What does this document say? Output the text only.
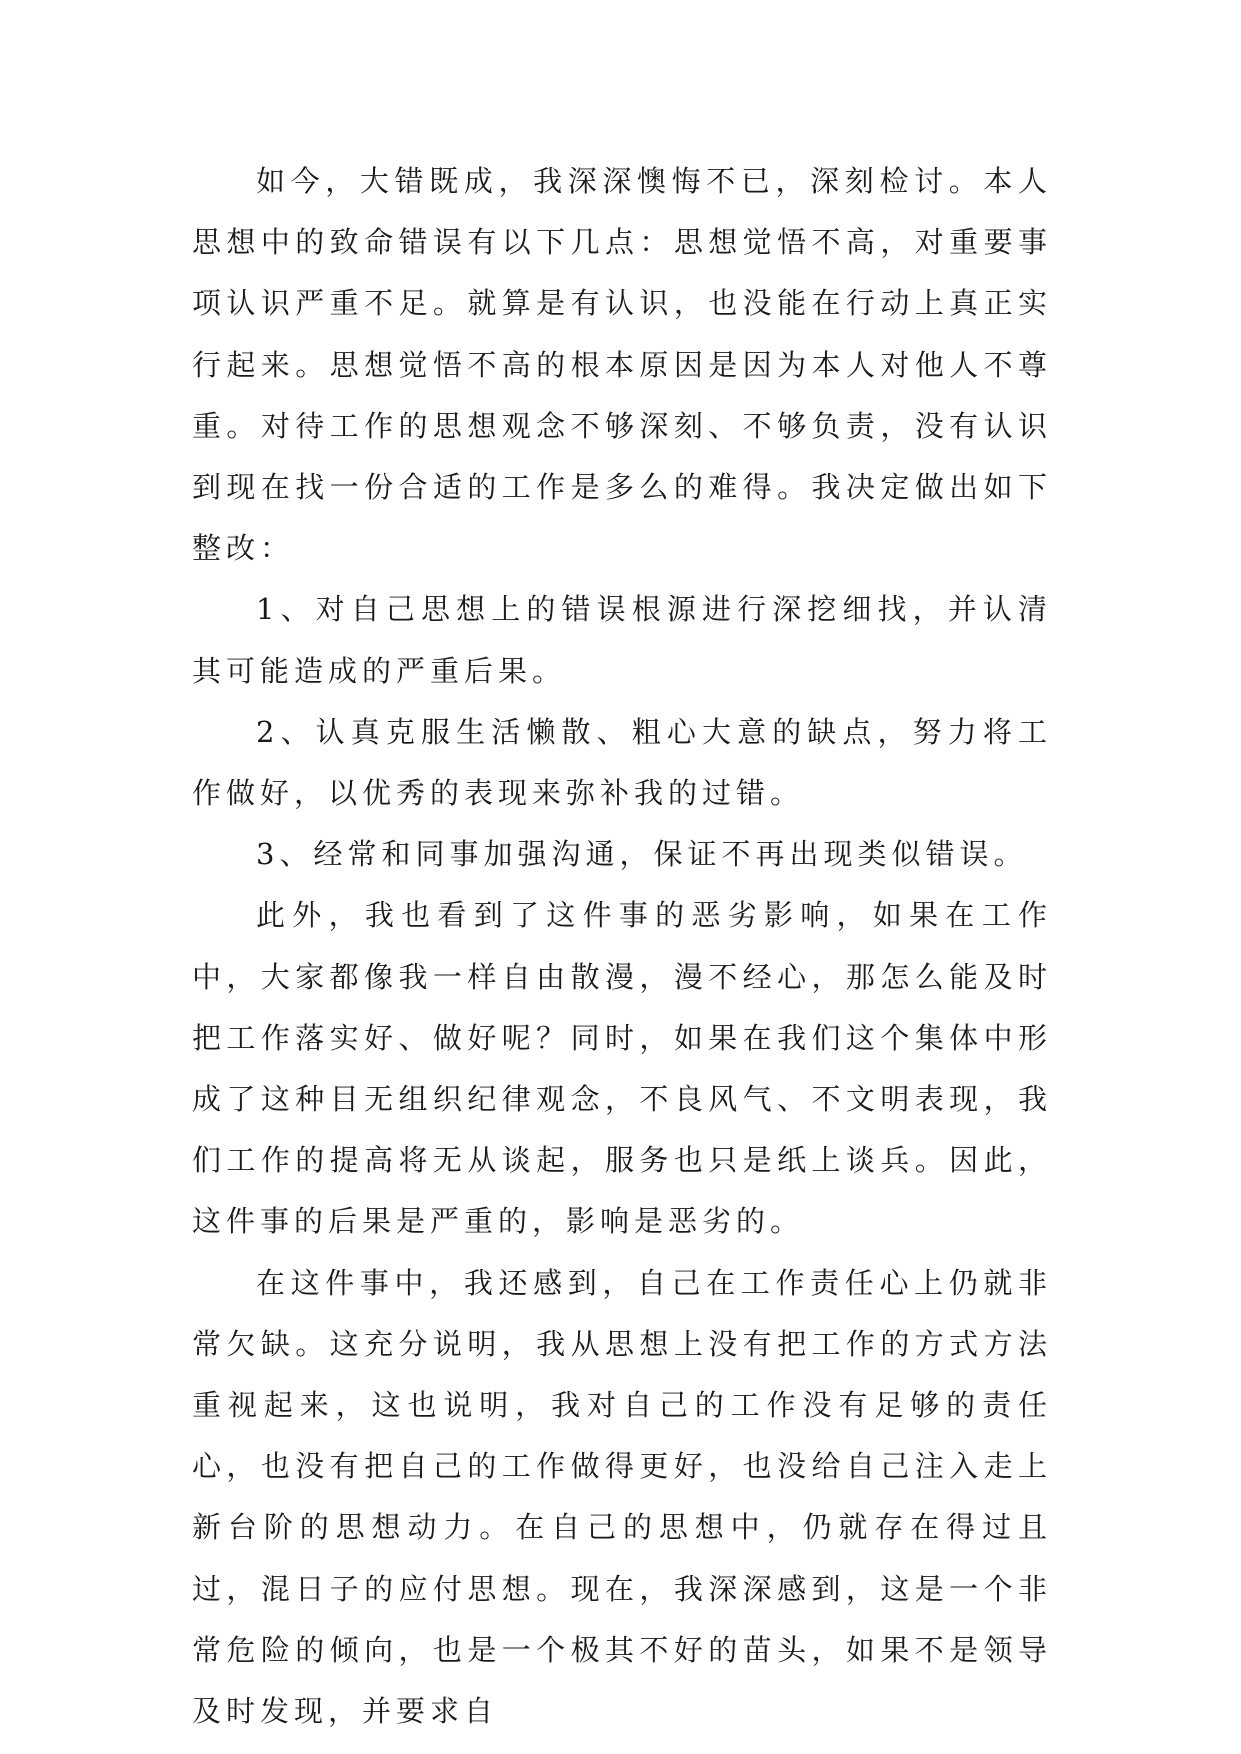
如今，大错既成，我深深懊悔不已，深刻检讨。本人思想中的致命错误有以下几点：思想觉悟不高，对重要事项认识严重不足。就算是有认识，也没能在行动上真正实行起来。思想觉悟不高的根本原因是因为本人对他人不尊重。对待工作的思想观念不够深刻、不够负责，没有认识到现在找一份合适的工作是多么的难得。我决定做出如下整改：

1、对自己思想上的错误根源进行深挖细找，并认清其可能造成的严重后果。

2、认真克服生活懒散、粗心大意的缺点，努力将工作做好，以优秀的表现来弥补我的过错。

3、经常和同事加强沟通，保证不再出现类似错误。

此外，我也看到了这件事的恶劣影响，如果在工作中，大家都像我一样自由散漫，漫不经心，那怎么能及时把工作落实好、做好呢？同时，如果在我们这个集体中形成了这种目无组织纪律观念，不良风气、不文明表现，我们工作的提高将无从谈起，服务也只是纸上谈兵。因此，这件事的后果是严重的，影响是恶劣的。

在这件事中，我还感到，自己在工作责任心上仍就非常欠缺。这充分说明，我从思想上没有把工作的方式方法重视起来，这也说明，我对自己的工作没有足够的责任心，也没有把自己的工作做得更好，也没给自己注入走上新台阶的思想动力。在自己的思想中，仍就存在得过且过，混日子的应付思想。现在，我深深感到，这是一个非常危险的倾向，也是一个极其不好的苗头，如果不是领导及时发现，并要求自
